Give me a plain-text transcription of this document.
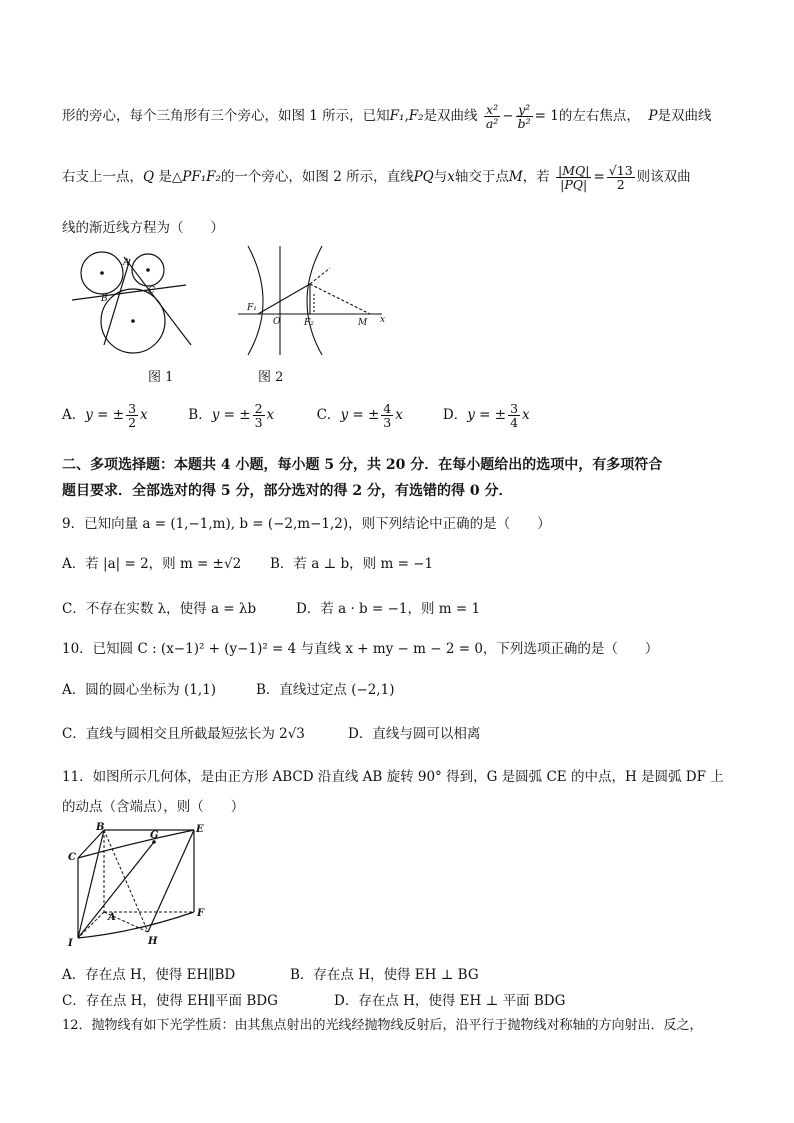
形的旁心，每个三角形有三个旁心，如图 1 所示，已知F₁,F₂是双曲线 $\frac{\text{x²}}{\text{a²}} - \frac{\text{y²}}{\text{b²}} = 1$的左右焦点， P是双曲线
右支上一点，Q 是△PF₁F₂的一个旁心，如图 2 所示，直线PQ与x轴交于点M，若 $\frac{|MQ|}{|PQ|} = \frac{√13}{2}$ 则该双曲
线的渐近线方程为（　　）
A
B
C
图 1
F₁
O	F₂	M x
图 2
A．y = ± $\frac{3}{2}$ x	B．y = ± $\frac{2}{3}$ x	C．y = ± $\frac{4}{3}$ x	D．y = ± $\frac{3}{4}$ x
二、多项选择题：本题共 4 小题，每小题 5 分，共 20 分．在每小题给出的选项中，有多项符合
题目要求．全部选对的得 5 分，部分选对的得 2 分，有选错的得 0 分．
9．已知向量 a = (1,−1,m), b = (−2,m−1,2)，则下列结论中正确的是（　　）
A．若 |a| = 2，则 m = ±√2 B．若 a ⊥ b，则 m = −1
C．不存在实数 λ，使得 a = λb	D．若 a · b = −1，则 m = 1
10．已知圆 C : (x−1)² + (y−1)² = 4 与直线 x + my − m − 2 = 0，下列选项正确的是（　　）
A．圆的圆心坐标为 (1,1)	B．直线过定点 (−2,1)
C．直线与圆相交且所截最短弦长为 2√3	D．直线与圆可以相离
11．如图所示几何体，是由正方形 ABCD 沿直线 AB 旋转 90° 得到，G 是圆弧 CE 的中点，H 是圆弧 DF 上
的动点（含端点），则（　　）
B	E
C
G
A	F
I	H
A．存在点 H，使得 EH∥BD	B．存在点 H，使得 EH ⊥ BG
C．存在点 H，使得 EH∥平面 BDG	D．存在点 H，使得 EH ⊥ 平面 BDG
12．抛物线有如下光学性质：由其焦点射出的光线经抛物线反射后，沿平行于抛物线对称轴的方向射出．反之，
